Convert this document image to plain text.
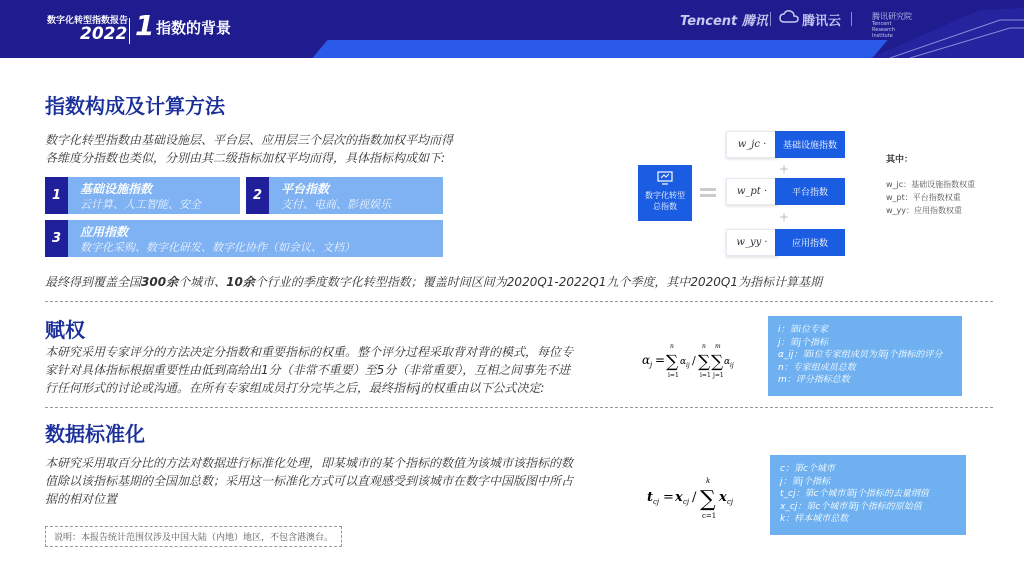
数字化转型指数报告
2022 1 指数的背景	Tencent 腾讯	腾讯云	腾讯研究院
Tencent Research Institute
指数构成及计算方法
数字化转型指数由基础设施层、平台层、应用层三个层次的指数加权平均而得
各维度分指数也类似，分别由其二级指标加权平均而得，具体指标构成如下:
1	基础设施指数
云计算、人工智能、安全
2	平台指数
支付、电商、影视娱乐
3	应用指数
数字化采购、数字化研发、数字化协作（如会议、文档）
最终得到覆盖全国300余个城市、10余个行业的季度数字化转型指数；覆盖时间区间为2020Q1-2022Q1九个季度，其中2020Q1为指标计算基期
数字化转型
总指数
w_jc ·	基础设施指数
+
w_pt ·	平台指数
+
w_yy ·	应用指数
其中：
w_jc：基础设施指数权重
w_pt：平台指数权重
w_yy：应用指数权重
赋权
本研究采用专家评分的方法决定分指数和重要指标的权重。整个评分过程采取背对背的模式，每位专
家针对具体指标根据重要性由低到高给出1分（非常不重要）至5分（非常重要），互相之间事先不进
行任何形式的讨论或沟通。在所有专家组成员打分完毕之后，最终指标j的权重由以下公式决定:
α j = ∑
n
i=1
α ij / ∑
n
i=1
∑
m
j=1
α ij
i：第i位专家
j：第j个指标
α_ij：第i位专家组成员为第j个指标的评分
n：专家组成员总数
m：评分指标总数
数据标准化
本研究采用取百分比的方法对数据进行标准化处理，即某城市的某个指标的数值为该城市该指标的数
值除以该指标基期的全国加总数；采用这一标准化方式可以直观感受到该城市在数字中国版图中所占
据的相对位置	t cj = x cj / ∑
k
c=1
x cj
c：第c个城市
j：第j个指标
t_cj：第c个城市第j个指标的去量纲值
x_cj：第c个城市第j个指标的原始值
k：样本城市总数
说明：本报告统计范围仅涉及中国大陆（内地）地区，不包含港澳台。
